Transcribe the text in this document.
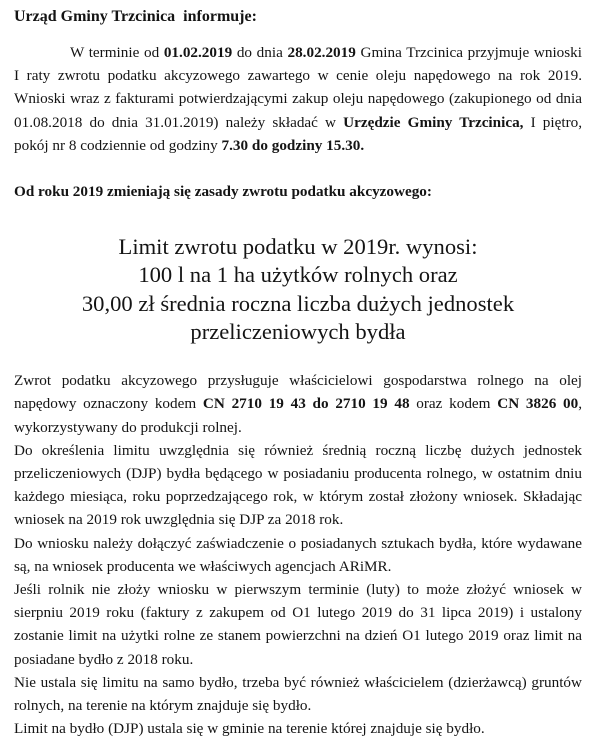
Urząd Gminy Trzcinica  informuje:

W terminie od 01.02.2019 do dnia 28.02.2019 Gmina Trzcinica przyjmuje wnioski I raty zwrotu podatku akcyzowego zawartego w cenie oleju napędowego na rok 2019. Wnioski wraz z fakturami potwierdzającymi zakup oleju napędowego (zakupionego od dnia 01.08.2018 do dnia 31.01.2019) należy składać w Urzędzie Gminy Trzcinica, I piętro, pokój nr 8 codziennie od godziny 7.30 do godziny 15.30.

Od roku 2019 zmieniają się zasady zwrotu podatku akcyzowego:
Limit zwrotu podatku w 2019r. wynosi:
100 l na 1 ha użytków rolnych oraz
30,00 zł średnia roczna liczba dużych jednostek
przeliczeniowych bydła

Zwrot podatku akcyzowego przysługuje właścicielowi gospodarstwa rolnego na olej napędowy oznaczony kodem CN 2710 19 43 do 2710 19 48 oraz kodem CN 3826 00, wykorzystywany do produkcji rolnej.

Do określenia limitu uwzględnia się również średnią roczną liczbę dużych jednostek przeliczeniowych (DJP) bydła będącego w posiadaniu producenta rolnego, w ostatnim dniu każdego miesiąca, roku poprzedzającego rok, w którym został złożony wniosek. Składając wniosek na 2019 rok uwzględnia się DJP za 2018 rok.

Do wniosku należy dołączyć zaświadczenie o posiadanych sztukach bydła, które wydawane są, na wniosek producenta we właściwych agencjach ARiMR.

Jeśli rolnik nie złoży wniosku w pierwszym terminie (luty) to może złożyć wniosek w sierpniu 2019 roku (faktury z zakupem od O1 lutego 2019 do 31 lipca 2019) i ustalony zostanie limit na użytki rolne ze stanem powierzchni na dzień O1 lutego 2019 oraz limit na posiadane bydło z 2018 roku.

Nie ustala się limitu na samo bydło, trzeba być również właścicielem (dzierżawcą) gruntów rolnych, na terenie na którym znajduje się bydło.

Limit na bydło (DJP) ustala się w gminie na terenie której znajduje się bydło.
